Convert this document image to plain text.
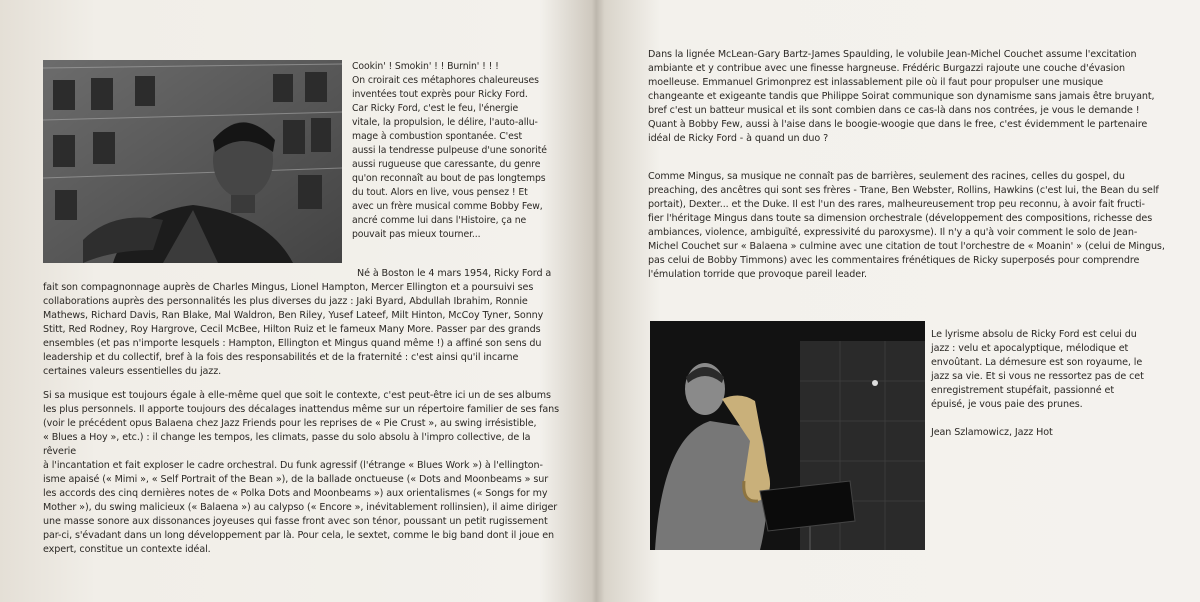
Cookin' ! Smokin' ! ! Burnin' ! ! !

On croirait ces métaphores chaleureuses

inventées tout exprès pour Ricky Ford.

Car Ricky Ford, c'est le feu, l'énergie

vitale, la propulsion, le délire, l'auto-allu-

mage à combustion spontanée. C'est

aussi la tendresse pulpeuse d'une sonorité

aussi rugueuse que caressante, du genre

qu'on reconnaît au bout de pas longtemps

du tout. Alors en live, vous pensez ! Et

avec un frère musical comme Bobby Few,

ancré comme lui dans l'Histoire, ça ne

pouvait pas mieux tourner...

Né à Boston le 4 mars 1954, Ricky Ford a

fait son compagnonnage auprès de Charles Mingus, Lionel Hampton, Mercer Ellington et a poursuivi ses

collaborations auprès des personnalités les plus diverses du jazz : Jaki Byard, Abdullah Ibrahim, Ronnie

Mathews, Richard Davis, Ran Blake, Mal Waldron, Ben Riley, Yusef Lateef, Milt Hinton, McCoy Tyner, Sonny

Stitt, Red Rodney, Roy Hargrove, Cecil McBee, Hilton Ruiz et le fameux Many More. Passer par des grands

ensembles (et pas n'importe lesquels : Hampton, Ellington et Mingus quand même !) a affiné son sens du

leadership et du collectif, bref à la fois des responsabilités et de la fraternité : c'est ainsi qu'il incarne

certaines valeurs essentielles du jazz.

Si sa musique est toujours égale à elle-même quel que soit le contexte, c'est peut-être ici un de ses albums

les plus personnels. Il apporte toujours des décalages inattendus même sur un répertoire familier de ses fans

(voir le précédent opus Balaena chez Jazz Friends pour les reprises de « Pie Crust », au swing irrésistible,

« Blues a Hoy », etc.) : il change les tempos, les climats, passe du solo absolu à l'impro collective, de la rêverie

à l'incantation et fait exploser le cadre orchestral. Du funk agressif (l'étrange « Blues Work ») à l'ellington-

isme apaisé (« Mimi », « Self Portrait of the Bean »), de la ballade onctueuse (« Dots and Moonbeams » sur

les accords des cinq dernières notes de « Polka Dots and Moonbeams ») aux orientalismes (« Songs for my

Mother »), du swing malicieux (« Balaena ») au calypso (« Encore », inévitablement rollinsien), il aime diriger

une masse sonore aux dissonances joyeuses qui fasse front avec son ténor, poussant un petit rugissement

par-ci, s'évadant dans un long développement par là. Pour cela, le sextet, comme le big band dont il joue en

expert, constitue un contexte idéal.

Dans la lignée McLean-Gary Bartz-James Spaulding, le volubile Jean-Michel Couchet assume l'excitation

ambiante et y contribue avec une finesse hargneuse. Frédéric Burgazzi rajoute une couche d'évasion

moelleuse. Emmanuel Grimonprez est inlassablement pile où il faut pour propulser une musique

changeante et exigeante tandis que Philippe Soirat communique son dynamisme sans jamais être bruyant,

bref c'est un batteur musical et ils sont combien dans ce cas-là dans nos contrées, je vous le demande !

Quant à Bobby Few, aussi à l'aise dans le boogie-woogie que dans le free, c'est évidemment le partenaire

idéal de Ricky Ford - à quand un duo ?

Comme Mingus, sa musique ne connaît pas de barrières, seulement des racines, celles du gospel, du

preaching, des ancêtres qui sont ses frères - Trane, Ben Webster, Rollins, Hawkins (c'est lui, the Bean du self

portait), Dexter... et the Duke. Il est l'un des rares, malheureusement trop peu reconnu, à avoir fait fructi-

fier l'héritage Mingus dans toute sa dimension orchestrale (développement des compositions, richesse des

ambiances, violence, ambiguïté, expressivité du paroxysme). Il n'y a qu'à voir comment le solo de Jean-

Michel Couchet sur « Balaena » culmine avec une citation de tout l'orchestre de « Moanin' » (celui de Mingus,

pas celui de Bobby Timmons) avec les commentaires frénétiques de Ricky superposés pour comprendre

l'émulation torride que provoque pareil leader.

Le lyrisme absolu de Ricky Ford est celui du

jazz : velu et apocalyptique, mélodique et

envoûtant. La démesure est son royaume, le

jazz sa vie. Et si vous ne ressortez pas de cet

enregistrement stupéfait, passionné et

épuisé, je vous paie des prunes.

Jean Szlamowicz, Jazz Hot
